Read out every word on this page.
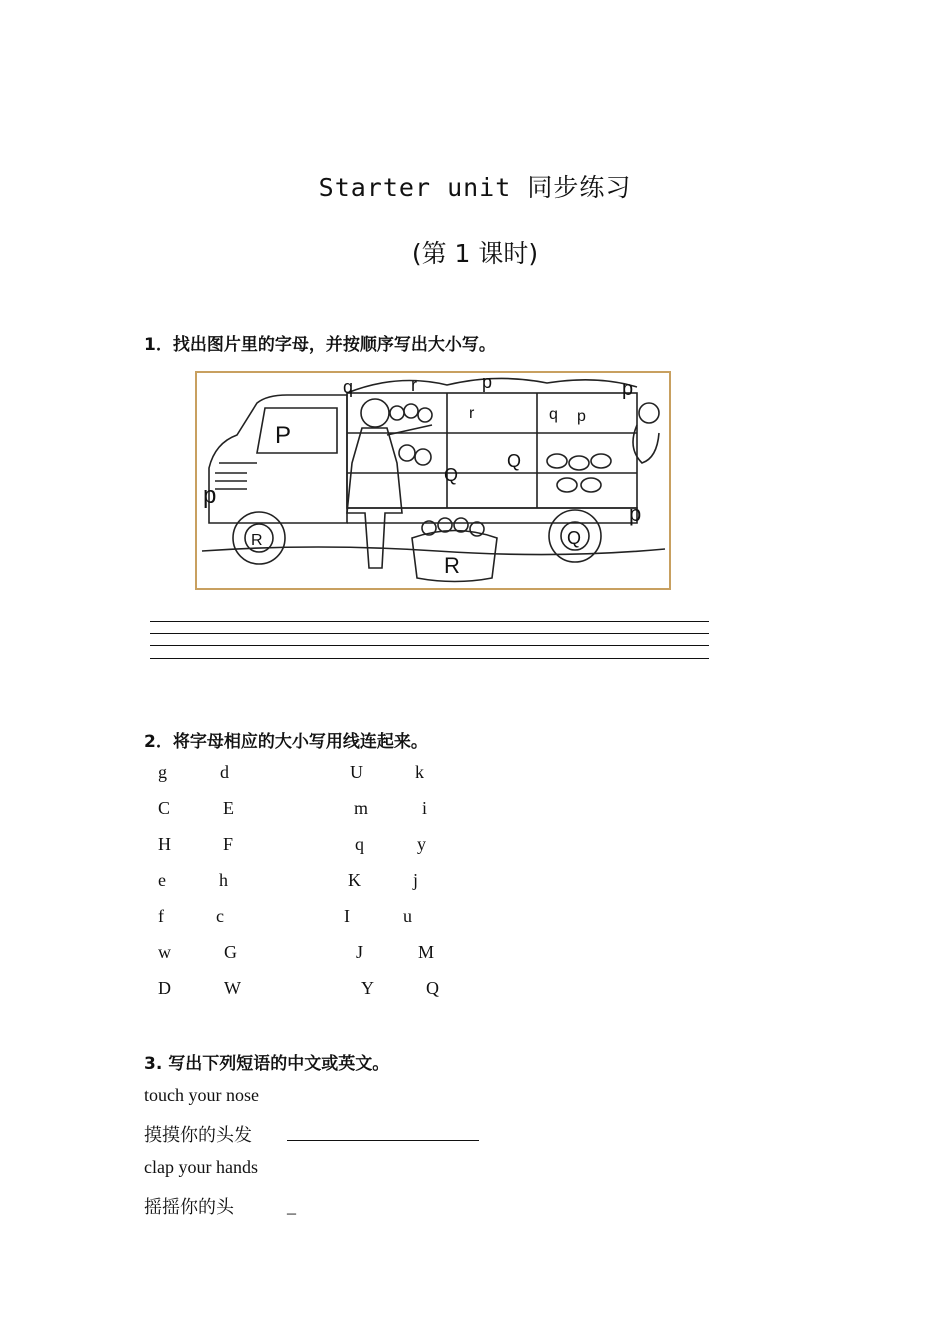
Starter unit 同步练习
(第 1 课时)
1．找出图片里的字母，并按顺序写出大小写。
q	r	p	p
r	q p
P
p
R
Q
Q
Q
R
p
2．将字母相应的大小写用线连起来。
g	d	U	k
C	E	m	i
H	F	q	y
e	h	K	j
f	c	I	u
w	G	J	M
D	W	Y	Q
3. 写出下列短语的中文或英文。
touch your nose
摸摸你的头发
clap your hands
摇摇你的头	_
